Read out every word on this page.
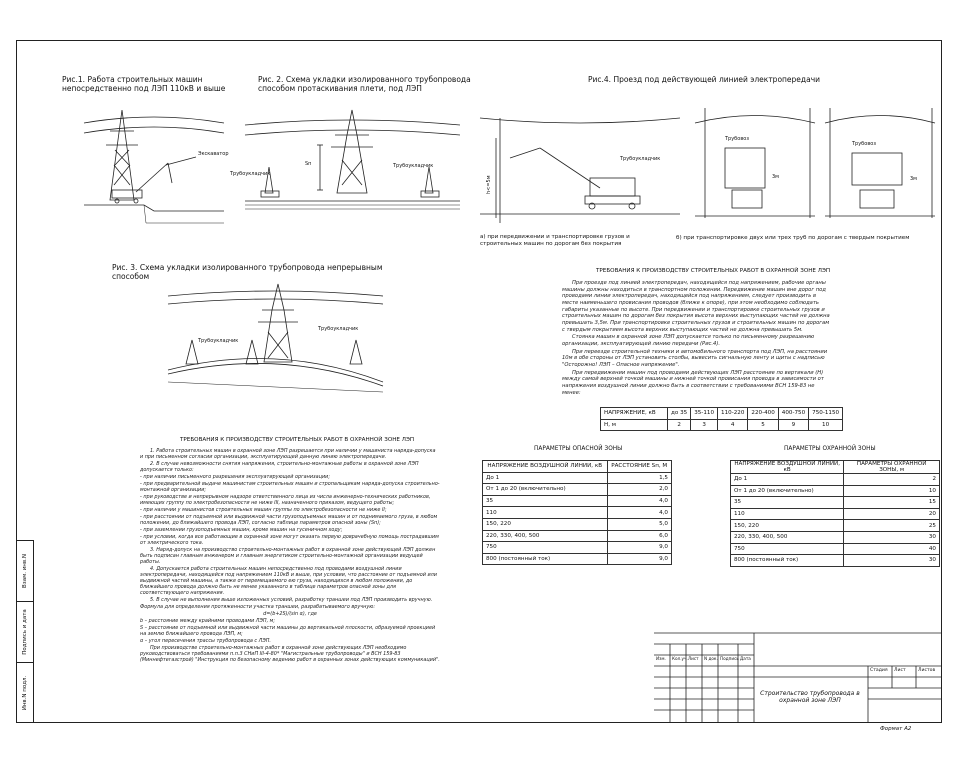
Взам. инв.N
Подпись и дата
Инв.N подл.
Рис.1. Работа строительных машин непосредственно под ЛЭП 110кВ и выше
Экскаватор
Рис. 2. Схема укладки изолированного трубопровода способом протаскивания плети, под ЛЭП
Sп
Трубоукладчик
Трубоукладчик
Рис. 3. Схема укладки изолированного трубопровода непрерывным способом
Трубоукладчик
Трубоукладчик
Рис.4. Проезд под действующей линией электропередачи
h<=5м
Трубоукладчик
Трубовоз
3м
Трубовоз
3м
а) при передвижении и транспортировке грузов и строительных машин по дорогам без покрытия
б) при транспортировке двух или трех труб по дорогам с твердым покрытием
ТРЕБОВАНИЯ К ПРОИЗВОДСТВУ СТРОИТЕЛЬНЫХ РАБОТ В ОХРАННОЙ ЗОНЕ ЛЭП

При проезде под линией электропередач, находящейся под напряжением, рабочие органы машины должны находиться в транспортном положении. Передвижение машин вне дорог под проводами линии электропередач, находящейся под напряжением, следует производить в месте наименьшего провисания проводов (ближе к опоре), при этом необходимо соблюдать габариты указанные по высоте. При передвижении и транспортировке строительных грузов и строительных машин по дорогам без покрытия высота верхних выступающих частей не должна превышать 3,5м. При транспортировке строительных грузов и строительных машин по дорогам с твердым покрытием высота верхних выступающих частей не должна превышать 5м.

Стоянка машин в охранной зоне ЛЭП допускается только по письменному разрешению организации, эксплуатирующей линию передачи (Рис.4).

При переезде строительной техники и автомобильного транспорта под ЛЭП, на расстоянии 10м в обе стороны от ЛЭП установить столбы, вывесить сигнальную ленту и щиты с надписью "Осторожно! ЛЭП – Опасное напряжение".

При передвижении машин под проводами действующих ЛЭП расстояние по вертикали (H) между самой верхней точкой машины и нижней точкой провисания провода в зависимости от напряжения воздушной линии должно быть в соответствии с требованиями ВСН 159-83 не менее:

НАПРЯЖЕНИЕ, кВ	до 35	35-110	110-220	220-400	400-750	750-1150
Н, м	2	3	4	5	9	10
ПАРАМЕТРЫ ОПАСНОЙ ЗОНЫ
НАПРЯЖЕНИЕ ВОЗДУШНОЙ ЛИНИИ, кВ	РАССТОЯНИЕ Sп, М
До 1	1,5
От 1 до 20 (включительно)	2,0
35	4,0
110	4,0
150, 220	5,0
220, 330, 400, 500	6,0
750	9,0
800 (постоянный ток)	9,0
ПАРАМЕТРЫ ОХРАННОЙ ЗОНЫ
НАПРЯЖЕНИЕ ВОЗДУШНОЙ ЛИНИИ, кВ	ПАРАМЕТРЫ ОХРАННОЙ ЗОНЫ, м
До 1	2
От 1 до 20 (включительно)	10
35	15
110	20
150, 220	25
220, 330, 400, 500	30
750	40
800 (постоянный ток)	30
ТРЕБОВАНИЯ К ПРОИЗВОДСТВУ СТРОИТЕЛЬНЫХ РАБОТ В ОХРАННОЙ ЗОНЕ ЛЭП

1. Работа строительных машин в охранной зоне ЛЭП разрешается при наличии у машиниста наряда-допуска и при письменном согласии организации, эксплуатирующей данную линию электропередачи.

2. В случае невозможности снятия напряжения, строительно-монтажные работы в охранной зоне ЛЭП допускается только:

- при наличии письменного разрешения эксплуатирующей организации;

- при предварительной выдаче машинистам строительных машин и стропальщикам наряда-допуска строительно-монтажной организации;

- при руководстве и непрерывном надзоре ответственного лица из числа инженерно-технических работников, имеющих группу по электробезопасности не ниже III, назначенного приказом, ведущего работы;

- при наличии у машинистов строительных машин группы по электробезопасности не ниже II;

- при расстоянии от подъемной или выдвижной части грузоподъемных машин и от поднимаемого груза, в любом положении, до ближайшего провода ЛЭП, согласно таблице параметров опасной зоны (Sп);

- при заземлении грузоподъемных машин, кроме машин на гусеничном ходу;

- при условии, когда все работающие в охранной зоне могут оказать первую доврачебную помощь пострадавшим от электрического тока.

3. Наряд-допуск на производство строительно-монтажных работ в охранной зоне действующей ЛЭП должен быть подписан главным инженером и главным энергетиком строительно-монтажной организации ведущей работы.

4. Допускается работа строительных машин непосредственно под проводами воздушной линии электропередачи, находящейся под напряжением 110кВ и выше, при условии, что расстояние от подъемной или выдвижной частей машины, а также от перемещаемого ею груза, находящихся в любом положении, до ближайшего провода должно быть не менее указанного в таблице параметров опасной зоны для соответствующего напряжения.

5. В случае не выполнения выше изложенных условий, разработку траншеи под ЛЭП производить вручную.

Формула для определения протяженности участка траншеи, разрабатываемого вручную:

d=(b+2S)/(sin α), где

b – расстояние между крайними проводами ЛЭП, м;

S – расстояние от подъемной или выдвижной части машины до вертикальной плоскости, образуемой проекцией на землю ближайшего провода ЛЭП, м;

α – угол пересечения трассы трубопровода с ЛЭП.

При производстве строительно-монтажных работ в охранной зоне действующих ЛЭП необходимо руководствоваться требованиями п.п.3 СНиП III-4-80* "Магистральные трубопроводы" и ВСН 159-83 (Миннефтегазстрой) "Инструкция по безопасному ведению работ в охранных зонах действующих коммуникаций".	Изм.	Кол.уч. Лист	N док. Подпись Дата
Стадия	Лист	Листов
Строительство трубопровода в охранной зоне ЛЭП
Формат А2
